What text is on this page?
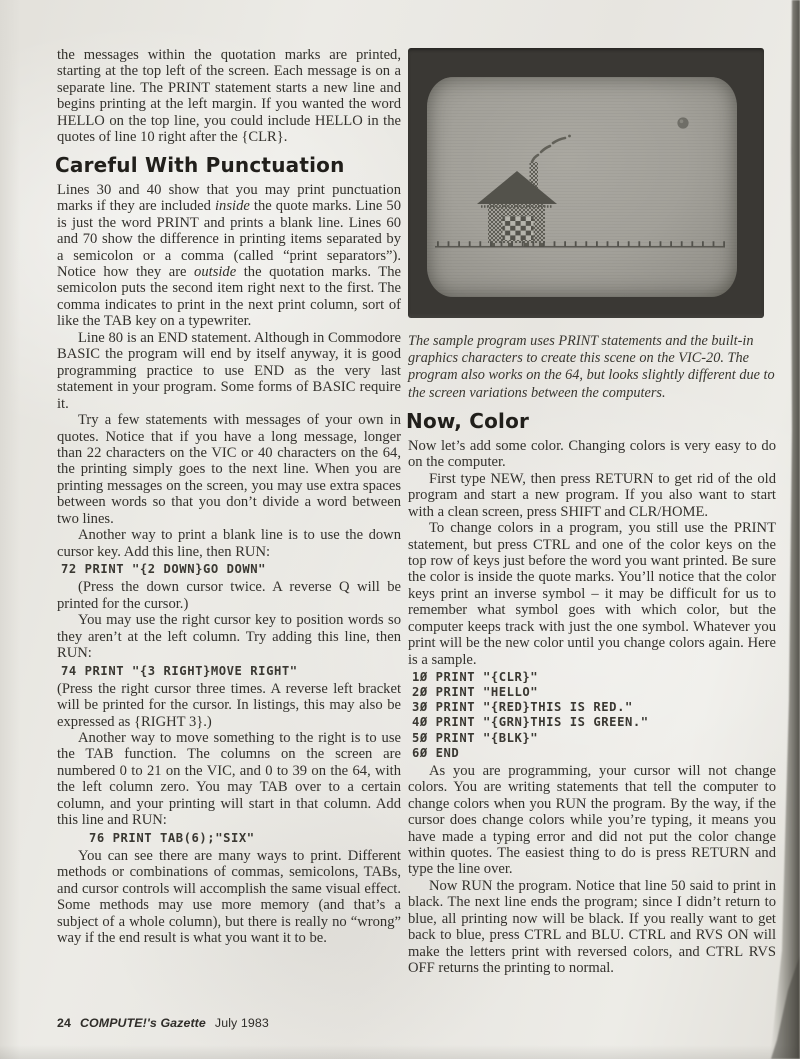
the messages within the quotation marks are printed, starting at the top left of the screen. Each message is on a separate line. The PRINT statement starts a new line and begins printing at the left margin. If you wanted the word HELLO on the top line, you could include HELLO in the quotes of line 10 right after the {CLR}.

Careful With Punctuation

Lines 30 and 40 show that you may print punctuation marks if they are included inside the quote marks. Line 50 is just the word PRINT and prints a blank line. Lines 60 and 70 show the difference in printing items separated by a semicolon or a comma (called “print separators”). Notice how they are outside the quotation marks. The semicolon puts the second item right next to the first. The comma indicates to print in the next print column, sort of like the TAB key on a typewriter.

Line 80 is an END statement. Although in Commodore BASIC the program will end by itself anyway, it is good programming practice to use END as the very last statement in your program. Some forms of BASIC require it.

Try a few statements with messages of your own in quotes. Notice that if you have a long message, longer than 22 characters on the VIC or 40 characters on the 64, the printing simply goes to the next line. When you are printing messages on the screen, you may use extra spaces between words so that you don’t divide a word between two lines.

Another way to print a blank line is to use the down cursor key. Add this line, then RUN:

72 PRINT "{2 DOWN}GO DOWN"

(Press the down cursor twice. A reverse Q will be printed for the cursor.)

You may use the right cursor key to position words so they aren’t at the left column. Try adding this line, then RUN:

74 PRINT "{3 RIGHT}MOVE RIGHT"

(Press the right cursor three times. A reverse left bracket will be printed for the cursor. In listings, this may also be expressed as {RIGHT 3}.)

Another way to move something to the right is to use the TAB function. The columns on the screen are numbered 0 to 21 on the VIC, and 0 to 39 on the 64, with the left column zero. You may TAB over to a certain column, and your printing will start in that column. Add this line and RUN:

76 PRINT TAB(6);"SIX"

You can see there are many ways to print. Different methods or combinations of commas, semicolons, TABs, and cursor controls will accomplish the same visual effect. Some methods may use more memory (and that’s a subject of a whole column), but there is really no “wrong” way if the end result is what you want it to be.

The sample program uses PRINT statements and the built-in graphics characters to create this scene on the VIC-20. The program also works on the 64, but looks slightly different due to the screen variations between the computers.

Now, Color

Now let’s add some color. Changing colors is very easy to do on the computer.

First type NEW, then press RETURN to get rid of the old program and start a new program. If you also want to start with a clean screen, press SHIFT and CLR/HOME.

To change colors in a program, you still use the PRINT statement, but press CTRL and one of the color keys on the top row of keys just before the word you want printed. Be sure the color is inside the quote marks. You’ll notice that the color keys print an inverse symbol – it may be difficult for us to remember what symbol goes with which color, but the computer keeps track with just the one symbol. Whatever you print will be the new color until you change colors again. Here is a sample.

1Ø PRINT "{CLR}"
2Ø PRINT "HELLO"
3Ø PRINT "{RED}THIS IS RED."
4Ø PRINT "{GRN}THIS IS GREEN."
5Ø PRINT "{BLK}"
6Ø END

As you are programming, your cursor will not change colors. You are writing statements that tell the computer to change colors when you RUN the program. By the way, if the cursor does change colors while you’re typing, it means you have made a typing error and did not put the color change within quotes. The easiest thing to do is press RETURN and type the line over.

Now RUN the program. Notice that line 50 said to print in black. The next line ends the program; since I didn’t return to blue, all printing now will be black. If you really want to get back to blue, press CTRL and BLU. CTRL and RVS ON will make the letters print with reversed colors, and CTRL RVS OFF returns the printing to normal.

24 COMPUTE!'s Gazette July 1983
